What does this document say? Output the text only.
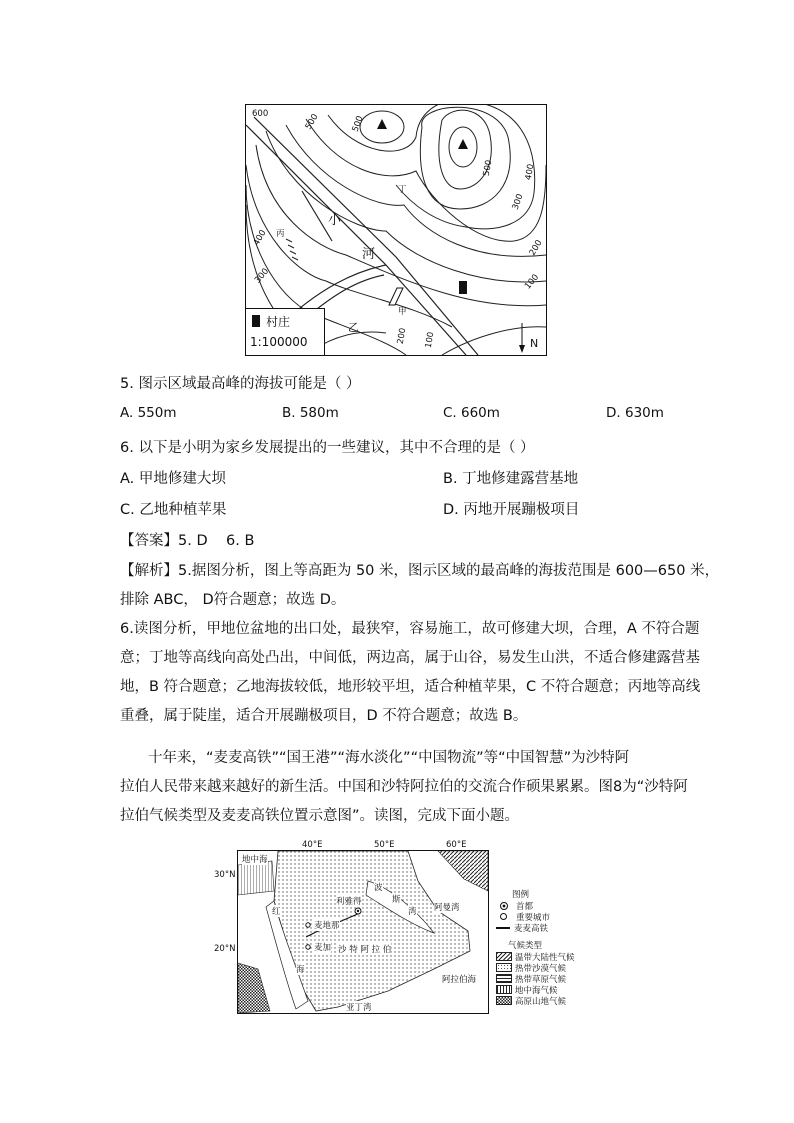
600	500	500
400
500
300
400
300
200
100
200 100
小
河
丁
丙
乙
甲
N
村庄
1:100000
5. 图示区域最高峰的海拔可能是（ ）
A. 550m	B. 580m	C. 660m	D. 630m
6. 以下是小明为家乡发展提出的一些建议，其中不合理的是（ ）
A. 甲地修建大坝	B. 丁地修建露营基地
C. 乙地种植苹果	D. 丙地开展蹦极项目
【答案】5. D    6. B
【解析】5.据图分析，图上等高距为 50 米，图示区域的最高峰的海拔范围是 600—650 米，
排除 ABC， D符合题意；故选 D。
6.读图分析，甲地位盆地的出口处，最狭窄，容易施工，故可修建大坝，合理，A 不符合题
意；丁地等高线向高处凸出，中间低，两边高，属于山谷，易发生山洪，不适合修建露营基
地，B 符合题意；乙地海拔较低，地形较平坦，适合种植苹果，C 不符合题意；丙地等高线
重叠，属于陡崖，适合开展蹦极项目，D 不符合题意；故选 B。
十年来，“麦麦高铁”“国王港”“海水淡化”“中国物流”等“中国智慧”为沙特阿
拉伯人民带来越来越好的新生活。中国和沙特阿拉伯的交流合作硕果累累。图8为“沙特阿
拉伯气候类型及麦麦高铁位置示意图”。读图，完成下面小题。
40°E	50°E	60°E
30°N
20°N
地中海
红
海
波
斯
湾
利雅得
麦地那
麦加 沙 特 阿 拉 伯
阿拉伯海
亚丁湾
阿曼湾
图例
首都
重要城市
麦麦高铁
气候类型
温带大陆性气候
热带沙漠气候
热带草原气候
地中海气候
高原山地气候
